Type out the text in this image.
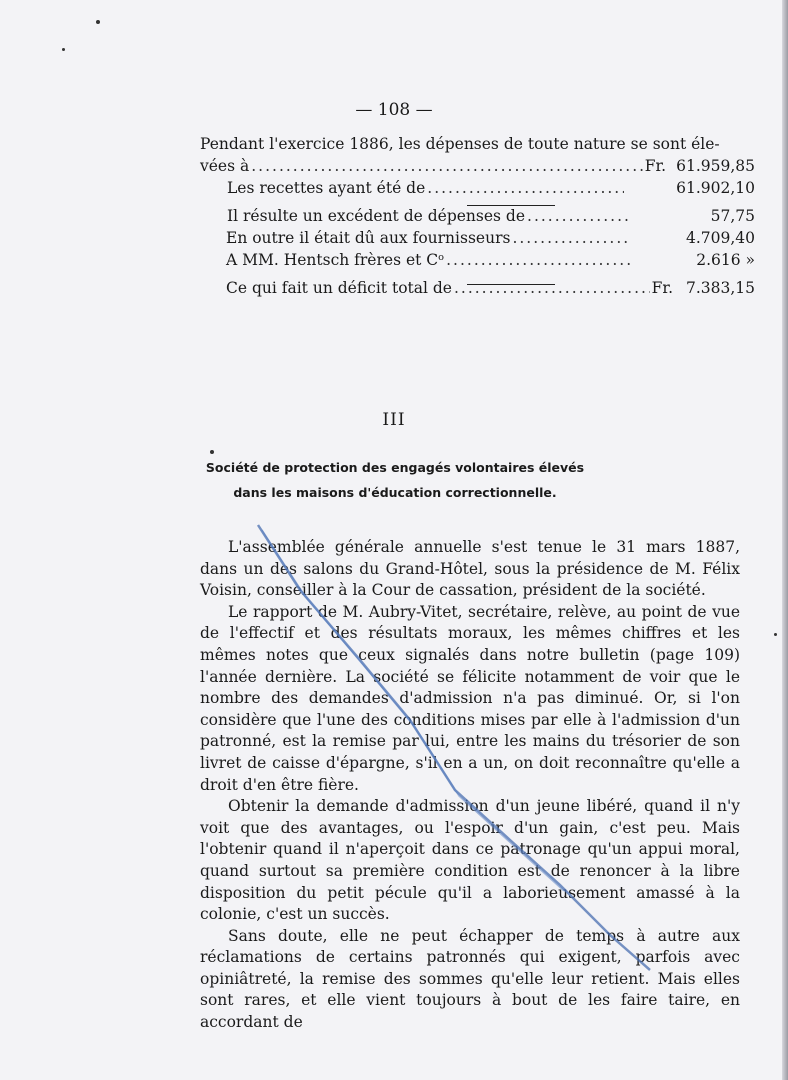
— 108 —
Pendant l'exercice 1886, les dépenses de toute nature se sont éle-
vées à .....	Fr. 61.959,85
Les recettes ayant été de .....	61.902,10
Il résulte un excédent de dépenses de .....	57,75
En outre il était dû aux fournisseurs .....	4.709,40
A MM. Hentsch frères et Cᵒ .....	2.616 »
Ce qui fait un déficit total de .....	Fr. 7.383,15
III
Société de protection des engagés volontaires élevés
dans les maisons d'éducation correctionnelle.

L'assemblée générale annuelle s'est tenue le 31 mars 1887, dans un des salons du Grand-Hôtel, sous la présidence de M. Félix Voisin, conseiller à la Cour de cassation, président de la société.

Le rapport de M. Aubry-Vitet, secrétaire, relève, au point de vue de l'effectif et des résultats moraux, les mêmes chiffres et les mêmes notes que ceux signalés dans notre bulletin (page 109) l'année dernière. La société se félicite notamment de voir que le nombre des demandes d'admission n'a pas diminué. Or, si l'on considère que l'une des conditions mises par elle à l'admission d'un patronné, est la remise par lui, entre les mains du trésorier de son livret de caisse d'épargne, s'il en a un, on doit reconnaître qu'elle a droit d'en être fière.

Obtenir la demande d'admission d'un jeune libéré, quand il n'y voit que des avantages, ou l'espoir d'un gain, c'est peu. Mais l'obtenir quand il n'aperçoit dans ce patronage qu'un appui moral, quand surtout sa première condition est de renoncer à la libre disposition du petit pécule qu'il a laborieusement amassé à la colonie, c'est un succès.

Sans doute, elle ne peut échapper de temps à autre aux réclamations de certains patronnés qui exigent, parfois avec opiniâtreté, la remise des sommes qu'elle leur retient. Mais elles sont rares, et elle vient toujours à bout de les faire taire, en accordant de
